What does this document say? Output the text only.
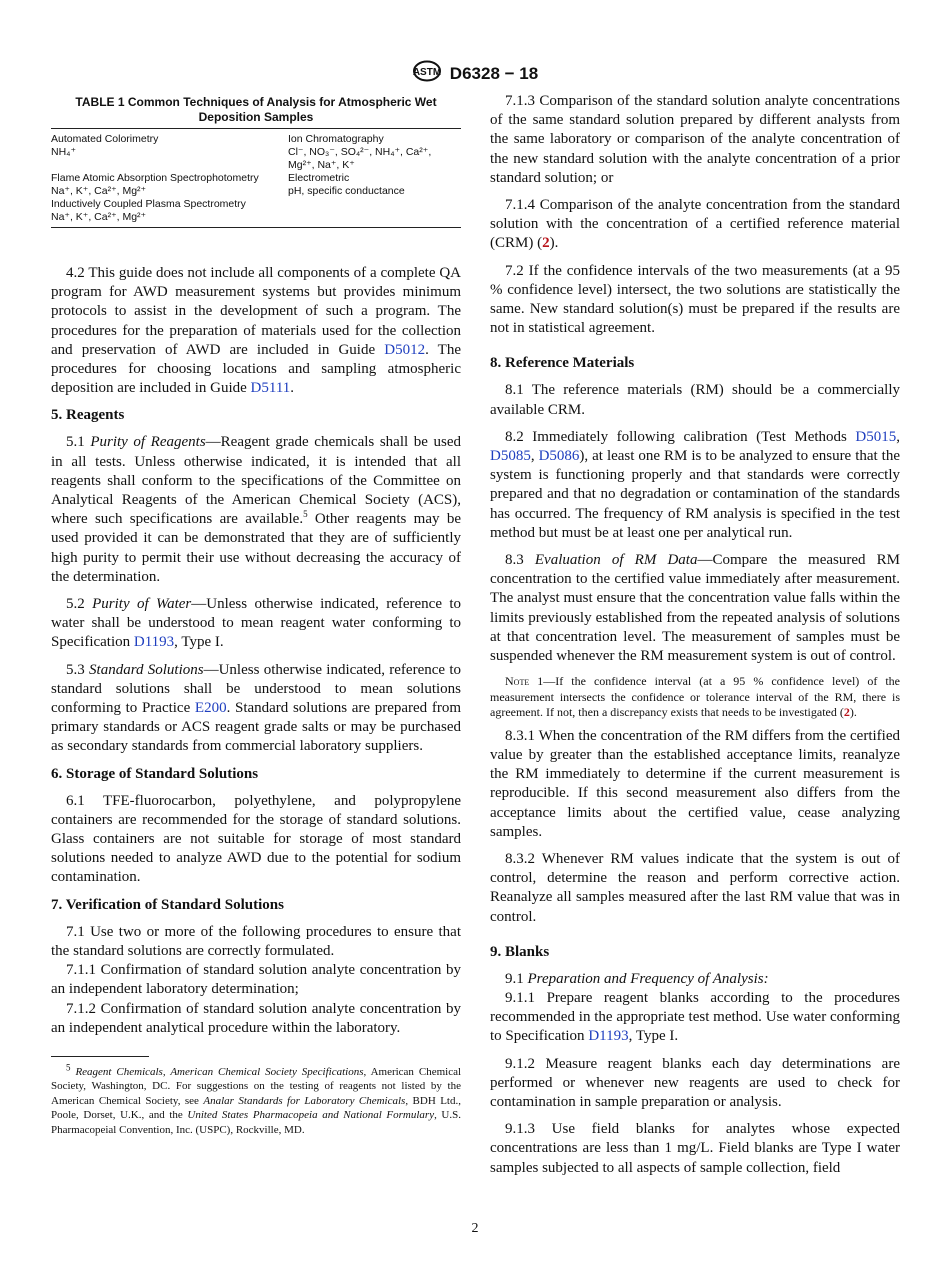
ASTM D6328 − 18
TABLE 1 Common Techniques of Analysis for Atmospheric Wet Deposition Samples
Automated Colorimetry	Ion Chromatography
NH₄⁺	Cl⁻, NO₃⁻, SO₄²⁻, NH₄⁺, Ca²⁺,
	Mg²⁺, Na⁺, K⁺
Flame Atomic Absorption Spectrophotometry	Electrometric
Na⁺, K⁺, Ca²⁺, Mg²⁺	pH, specific conductance
Inductively Coupled Plasma Spectrometry	
Na⁺, K⁺, Ca²⁺, Mg²⁺	

4.2 This guide does not include all components of a complete QA program for AWD measurement systems but provides minimum protocols to assist in the development of such a program. The procedures for the preparation of materials used for the collection and preservation of AWD are included in Guide D5012. The procedures for choosing locations and sampling atmospheric deposition are included in Guide D5111.

5. Reagents

5.1 Purity of Reagents—Reagent grade chemicals shall be used in all tests. Unless otherwise indicated, it is intended that all reagents shall conform to the specifications of the Committee on Analytical Reagents of the American Chemical Society (ACS), where such specifications are available.$^5$ Other reagents may be used provided it can be demonstrated that they are of sufficiently high purity to permit their use without decreasing the accuracy of the determination.

5.2 Purity of Water—Unless otherwise indicated, reference to water shall be understood to mean reagent water conforming to Specification D1193, Type I.

5.3 Standard Solutions—Unless otherwise indicated, reference to standard solutions shall be understood to mean solutions conforming to Practice E200. Standard solutions are prepared from primary standards or ACS reagent grade salts or may be purchased as secondary standards from commercial laboratory suppliers.

6. Storage of Standard Solutions

6.1 TFE-fluorocarbon, polyethylene, and polypropylene containers are recommended for the storage of standard solutions. Glass containers are not suitable for storage of most standard solutions needed to analyze AWD due to the potential for sodium contamination.

7. Verification of Standard Solutions

7.1 Use two or more of the following procedures to ensure that the standard solutions are correctly formulated.

7.1.1 Confirmation of standard solution analyte concentration by an independent laboratory determination;

7.1.2 Confirmation of standard solution analyte concentration by an independent analytical procedure within the laboratory.

$^5$ Reagent Chemicals, American Chemical Society Specifications, American Chemical Society, Washington, DC. For suggestions on the testing of reagents not listed by the American Chemical Society, see Analar Standards for Laboratory Chemicals, BDH Ltd., Poole, Dorset, U.K., and the United States Pharmacopeia and National Formulary, U.S. Pharmacopeial Convention, Inc. (USPC), Rockville, MD.

7.1.3 Comparison of the standard solution analyte concentrations of the same standard solution prepared by different analysts from the same laboratory or comparison of the analyte concentration of the new standard solution with the analyte concentration of a prior standard solution; or

7.1.4 Comparison of the analyte concentration from the standard solution with the concentration of a certified reference material (CRM) (2).

7.2 If the confidence intervals of the two measurements (at a 95 % confidence level) intersect, the two solutions are statistically the same. New standard solution(s) must be prepared if the results are not in statistical agreement.

8. Reference Materials

8.1 The reference materials (RM) should be a commercially available CRM.

8.2 Immediately following calibration (Test Methods D5015, D5085, D5086), at least one RM is to be analyzed to ensure that the system is functioning properly and that standards were correctly prepared and that no degradation or contamination of the standards has occurred. The frequency of RM analysis is specified in the test method but must be at least one per analytical run.

8.3 Evaluation of RM Data—Compare the measured RM concentration to the certified value immediately after measurement. The analyst must ensure that the concentration value falls within the limits previously established from the repeated analysis of solutions at that concentration level. The measurement of samples must be suspended whenever the RM measurement system is out of control.

Note 1—If the confidence interval (at a 95 % confidence level) of the measurement intersects the confidence or tolerance interval of the RM, there is agreement. If not, then a discrepancy exists that needs to be investigated (2).

8.3.1 When the concentration of the RM differs from the certified value by greater than the established acceptance limits, reanalyze the RM immediately to determine if the current measurement is reproducible. If this second measurement also differs from the acceptance limits about the certified value, cease analyzing samples.

8.3.2 Whenever RM values indicate that the system is out of control, determine the reason and perform corrective action. Reanalyze all samples measured after the last RM value that was in control.

9. Blanks

9.1 Preparation and Frequency of Analysis:

9.1.1 Prepare reagent blanks according to the procedures recommended in the appropriate test method. Use water conforming to Specification D1193, Type I.

9.1.2 Measure reagent blanks each day determinations are performed or whenever new reagents are used to check for contamination in sample preparation or analysis.

9.1.3 Use field blanks for analytes whose expected concentrations are less than 1 mg/L. Field blanks are Type I water samples subjected to all aspects of sample collection, field

2
